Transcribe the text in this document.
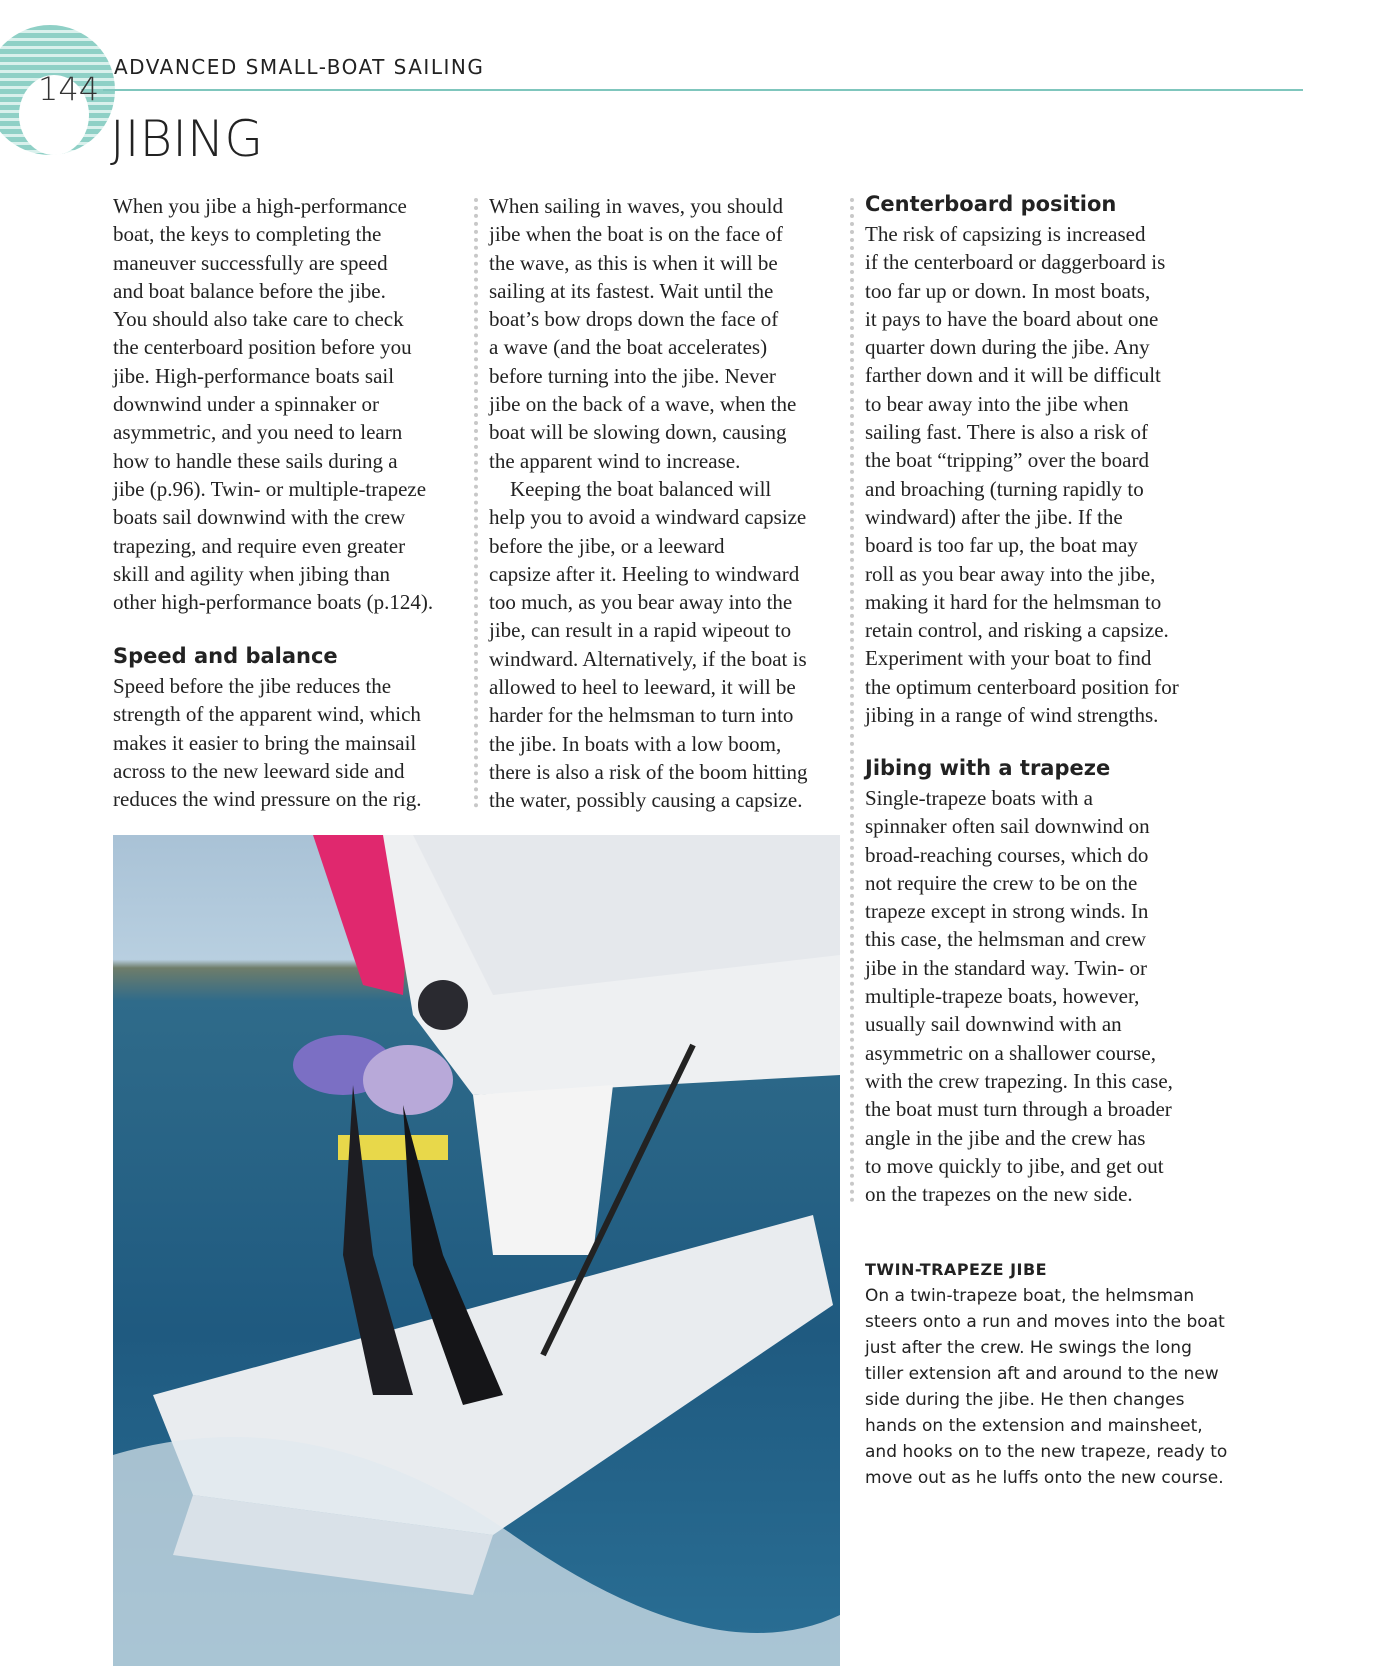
144
ADVANCED SMALL-BOAT SAILING
JIBING
When you jibe a high-performance
boat, the keys to completing the
maneuver successfully are speed
and boat balance before the jibe.
You should also take care to check
the centerboard position before you
jibe. High-performance boats sail
downwind under a spinnaker or
asymmetric, and you need to learn
how to handle these sails during a
jibe (p.96). Twin- or multiple-trapeze
boats sail downwind with the crew
trapezing, and require even greater
skill and agility when jibing than
other high-performance boats (p.124).
Speed and balance
Speed before the jibe reduces the
strength of the apparent wind, which
makes it easier to bring the mainsail
across to the new leeward side and
reduces the wind pressure on the rig.
When sailing in waves, you should
jibe when the boat is on the face of
the wave, as this is when it will be
sailing at its fastest. Wait until the
boat’s bow drops down the face of
a wave (and the boat accelerates)
before turning into the jibe. Never
jibe on the back of a wave, when the
boat will be slowing down, causing
the apparent wind to increase.
Keeping the boat balanced will
help you to avoid a windward capsize
before the jibe, or a leeward
capsize after it. Heeling to windward
too much, as you bear away into the
jibe, can result in a rapid wipeout to
windward. Alternatively, if the boat is
allowed to heel to leeward, it will be
harder for the helmsman to turn into
the jibe. In boats with a low boom,
there is also a risk of the boom hitting
the water, possibly causing a capsize.
Centerboard position
The risk of capsizing is increased
if the centerboard or daggerboard is
too far up or down. In most boats,
it pays to have the board about one
quarter down during the jibe. Any
farther down and it will be difficult
to bear away into the jibe when
sailing fast. There is also a risk of
the boat “tripping” over the board
and broaching (turning rapidly to
windward) after the jibe. If the
board is too far up, the boat may
roll as you bear away into the jibe,
making it hard for the helmsman to
retain control, and risking a capsize.
Experiment with your boat to find
the optimum centerboard position for
jibing in a range of wind strengths.
Jibing with a trapeze
Single-trapeze boats with a
spinnaker often sail downwind on
broad-reaching courses, which do
not require the crew to be on the
trapeze except in strong winds. In
this case, the helmsman and crew
jibe in the standard way. Twin- or
multiple-trapeze boats, however,
usually sail downwind with an
asymmetric on a shallower course,
with the crew trapezing. In this case,
the boat must turn through a broader
angle in the jibe and the crew has
to move quickly to jibe, and get out
on the trapezes on the new side.
TWIN-TRAPEZE JIBE
On a twin-trapeze boat, the helmsman
steers onto a run and moves into the boat
just after the crew. He swings the long
tiller extension aft and around to the new
side during the jibe. He then changes
hands on the extension and mainsheet,
and hooks on to the new trapeze, ready to
move out as he luffs onto the new course.
